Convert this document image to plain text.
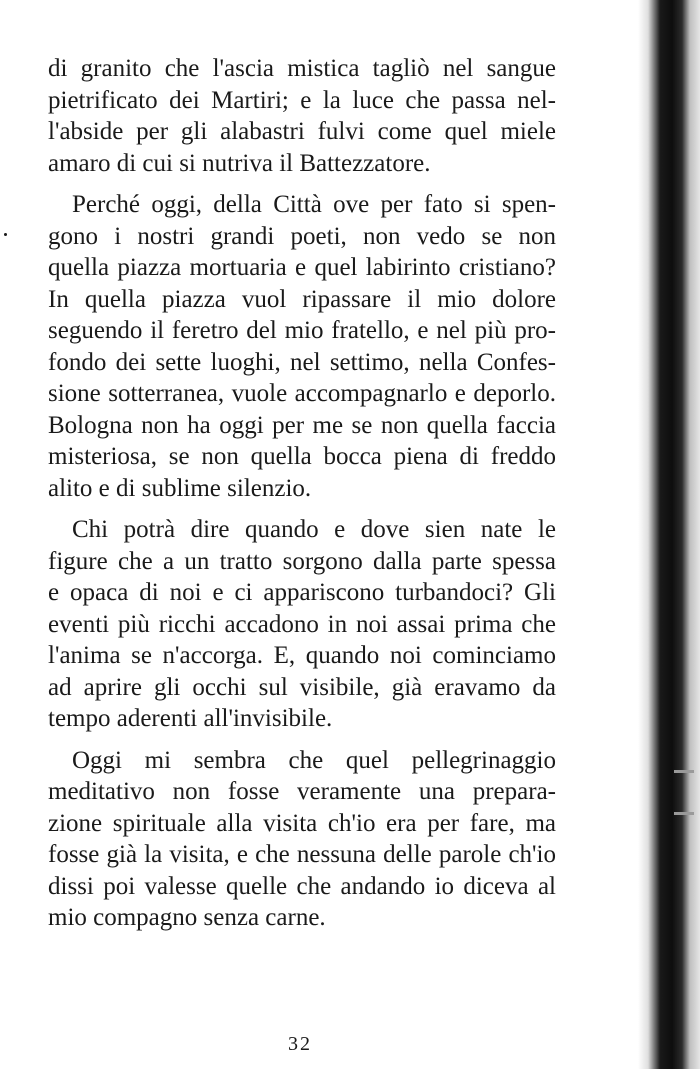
di granito che l'ascia mistica tagliò nel sangue
pietrificato dei Martiri; e la luce che passa nel-
l'abside per gli alabastri fulvi come quel miele
amaro di cui si nutriva il Battezzatore.
Perché oggi, della Città ove per fato si spen-
gono i nostri grandi poeti, non vedo se non
quella piazza mortuaria e quel labirinto cristiano?
In quella piazza vuol ripassare il mio dolore
seguendo il feretro del mio fratello, e nel più pro-
fondo dei sette luoghi, nel settimo, nella Confes-
sione sotterranea, vuole accompagnarlo e deporlo.
Bologna non ha oggi per me se non quella faccia
misteriosa, se non quella bocca piena di freddo
alito e di sublime silenzio.
Chi potrà dire quando e dove sien nate le
figure che a un tratto sorgono dalla parte spessa
e opaca di noi e ci appariscono turbandoci? Gli
eventi più ricchi accadono in noi assai prima che
l'anima se n'accorga. E, quando noi cominciamo
ad aprire gli occhi sul visibile, già eravamo da
tempo aderenti all'invisibile.
Oggi mi sembra che quel pellegrinaggio
meditativo non fosse veramente una prepara-
zione spirituale alla visita ch'io era per fare, ma
fosse già la visita, e che nessuna delle parole ch'io
dissi poi valesse quelle che andando io diceva al
mio compagno senza carne.
32
